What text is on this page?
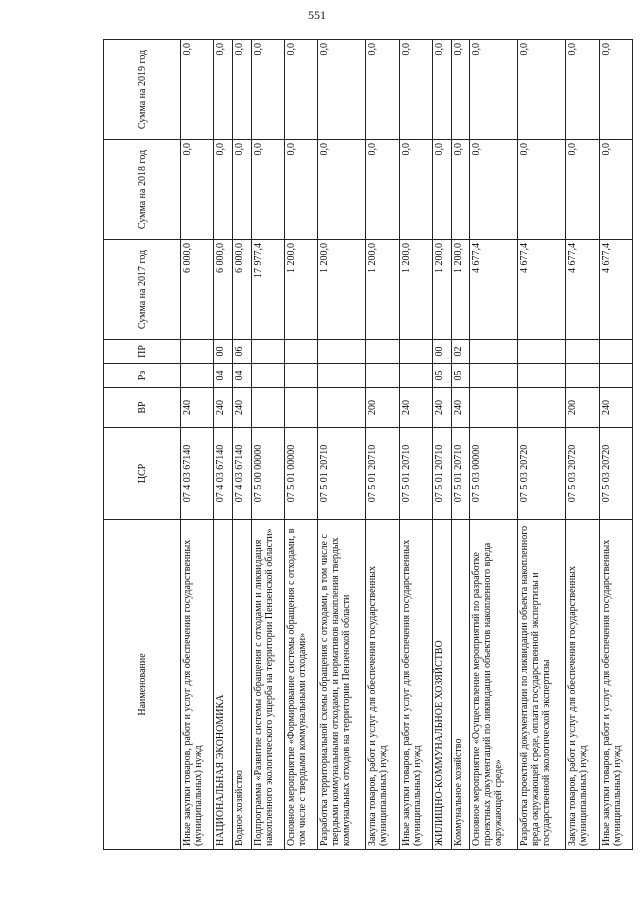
551
Наименование	ЦСР	ВР	Рз	ПР	Сумма на 2017 год	Сумма на 2018 год	Сумма на 2019 год
Иные закупки товаров, работ и услуг для обеспечения государственных (муниципальных) нужд	07 4 03 67140	240			6 000,0	0,0	0,0
НАЦИОНАЛЬНАЯ ЭКОНОМИКА	07 4 03 67140	240	04	00	6 000,0	0,0	0,0
Водное хозяйство	07 4 03 67140	240	04	06	6 000,0	0,0	0,0
Подпрограмма «Развитие системы обращения с отходами и ликвидация накопленного экологического ущерба на территории Пензенской области»	07 5 00 00000				17 977,4	0,0	0,0
Основное мероприятие «Формирование системы обращения с отходами, в том числе с твердыми коммунальными отходами»	07 5 01 00000				1 200,0	0,0	0,0
Разработка территориальной схемы обращения с отходами, в том числе с твердыми коммунальными отходами, и нормативов накопления твердых коммунальных отходов на территории Пензенской области	07 5 01 20710				1 200,0	0,0	0,0
Закупка товаров, работ и услуг для обеспечения государственных (муниципальных) нужд	07 5 01 20710	200			1 200,0	0,0	0,0
Иные закупки товаров, работ и услуг для обеспечения государственных (муниципальных) нужд	07 5 01 20710	240			1 200,0	0,0	0,0
ЖИЛИЩНО-КОММУНАЛЬНОЕ ХОЗЯЙСТВО	07 5 01 20710	240	05	00	1 200,0	0,0	0,0
Коммунальное хозяйство	07 5 01 20710	240	05	02	1 200,0	0,0	0,0
Основное мероприятие «Осуществление мероприятий по разработке проектных документаций по ликвидации объектов накопленного вреда окружающей среде»	07 5 03 00000				4 677,4	0,0	0,0
Разработка проектной документации по ликвидации объекта накопленного вреда окружающей среде, оплата государственной экспертизы и государственной экологической экспертизы	07 5 03 20720				4 677,4	0,0	0,0
Закупка товаров, работ и услуг для обеспечения государственных (муниципальных) нужд	07 5 03 20720	200			4 677,4	0,0	0,0
Иные закупки товаров, работ и услуг для обеспечения государственных (муниципальных) нужд	07 5 03 20720	240			4 677,4	0,0	0,0
